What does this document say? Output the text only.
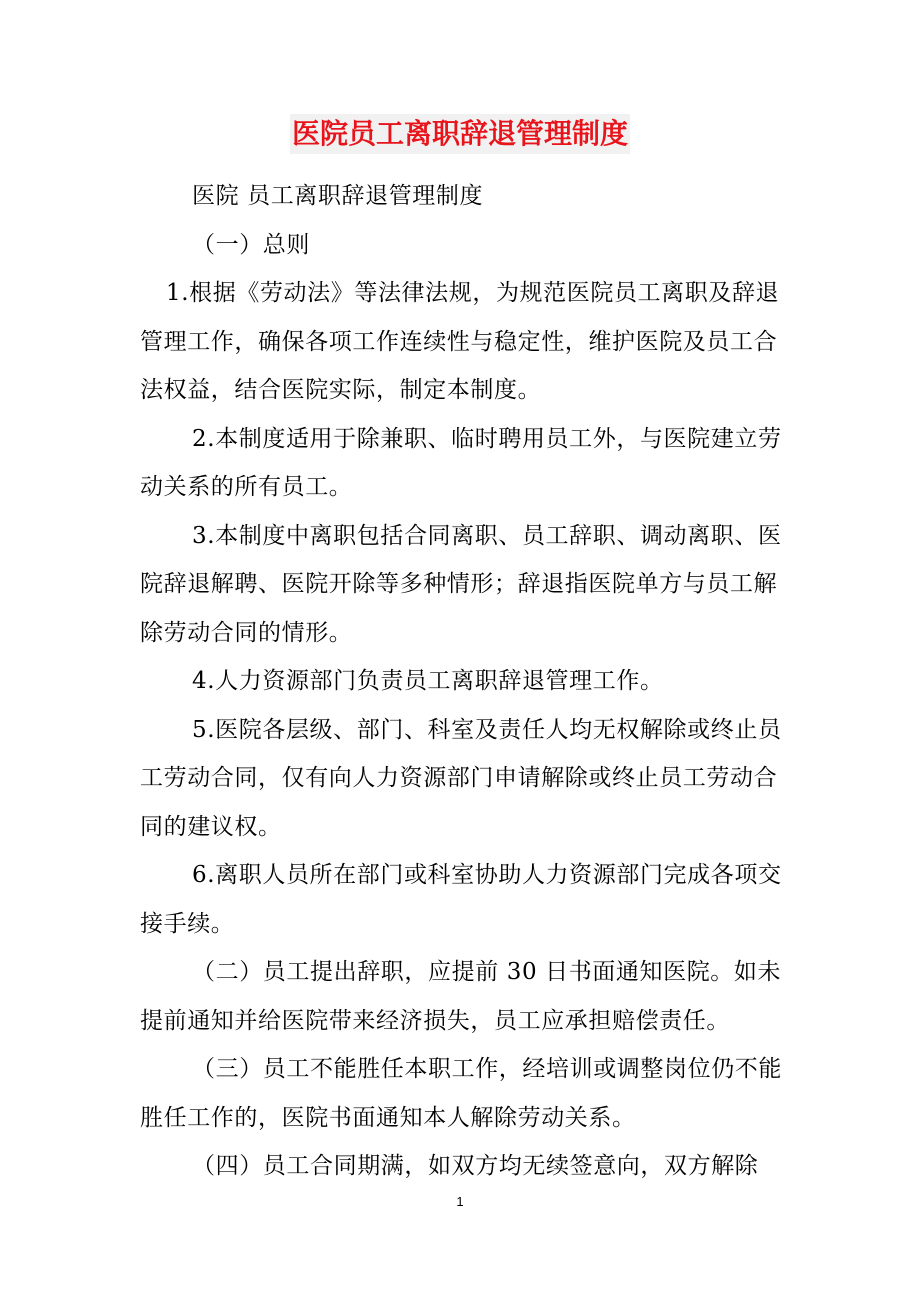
医院员工离职辞退管理制度

医院 员工离职辞退管理制度

（一）总则

1.根据《劳动法》等法律法规，为规范医院员工离职及辞退管理工作，确保各项工作连续性与稳定性，维护医院及员工合法权益，结合医院实际，制定本制度。

2.本制度适用于除兼职、临时聘用员工外，与医院建立劳动关系的所有员工。

3.本制度中离职包括合同离职、员工辞职、调动离职、医院辞退解聘、医院开除等多种情形；辞退指医院单方与员工解除劳动合同的情形。

4.人力资源部门负责员工离职辞退管理工作。

5.医院各层级、部门、科室及责任人均无权解除或终止员工劳动合同，仅有向人力资源部门申请解除或终止员工劳动合同的建议权。

6.离职人员所在部门或科室协助人力资源部门完成各项交接手续。

（二）员工提出辞职，应提前 30 日书面通知医院。如未提前通知并给医院带来经济损失，员工应承担赔偿责任。

（三）员工不能胜任本职工作，经培训或调整岗位仍不能胜任工作的，医院书面通知本人解除劳动关系。

（四）员工合同期满，如双方均无续签意向，双方解除

1
